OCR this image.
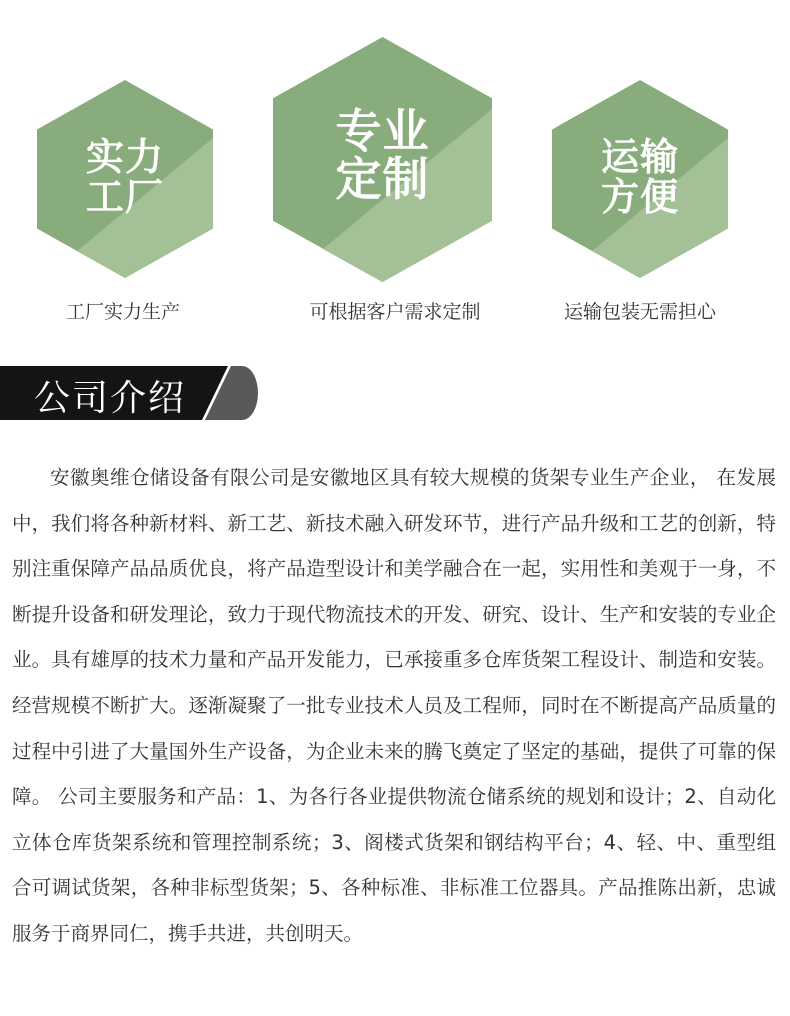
实力
工厂
工厂实力生产
专业
定制
可根据客户需求定制
运输
方便
运输包装无需担心
公司介绍
安徽奥维仓储设备有限公司是安徽地区具有较大规模的货架专业生产企业， 在发展中，我们将各种新材料、新工艺、新技术融入研发环节，进行产品升级和工艺的创新，特别注重保障产品品质优良，将产品造型设计和美学融合在一起，实用性和美观于一身，不断提升设备和研发理论，致力于现代物流技术的开发、研究、设计、生产和安装的专业企业。具有雄厚的技术力量和产品开发能力，已承接重多仓库货架工程设计、制造和安装。经营规模不断扩大。逐渐凝聚了一批专业技术人员及工程师，同时在不断提高产品质量的过程中引进了大量国外生产设备，为企业未来的腾飞奠定了坚定的基础，提供了可靠的保障。 公司主要服务和产品：1、为各行各业提供物流仓储系统的规划和设计；2、自动化立体仓库货架系统和管理控制系统；3、阁楼式货架和钢结构平台；4、轻、中、重型组合可调试货架，各种非标型货架；5、各种标准、非标准工位器具。产品推陈出新，忠诚服务于商界同仁，携手共进，共创明天。
